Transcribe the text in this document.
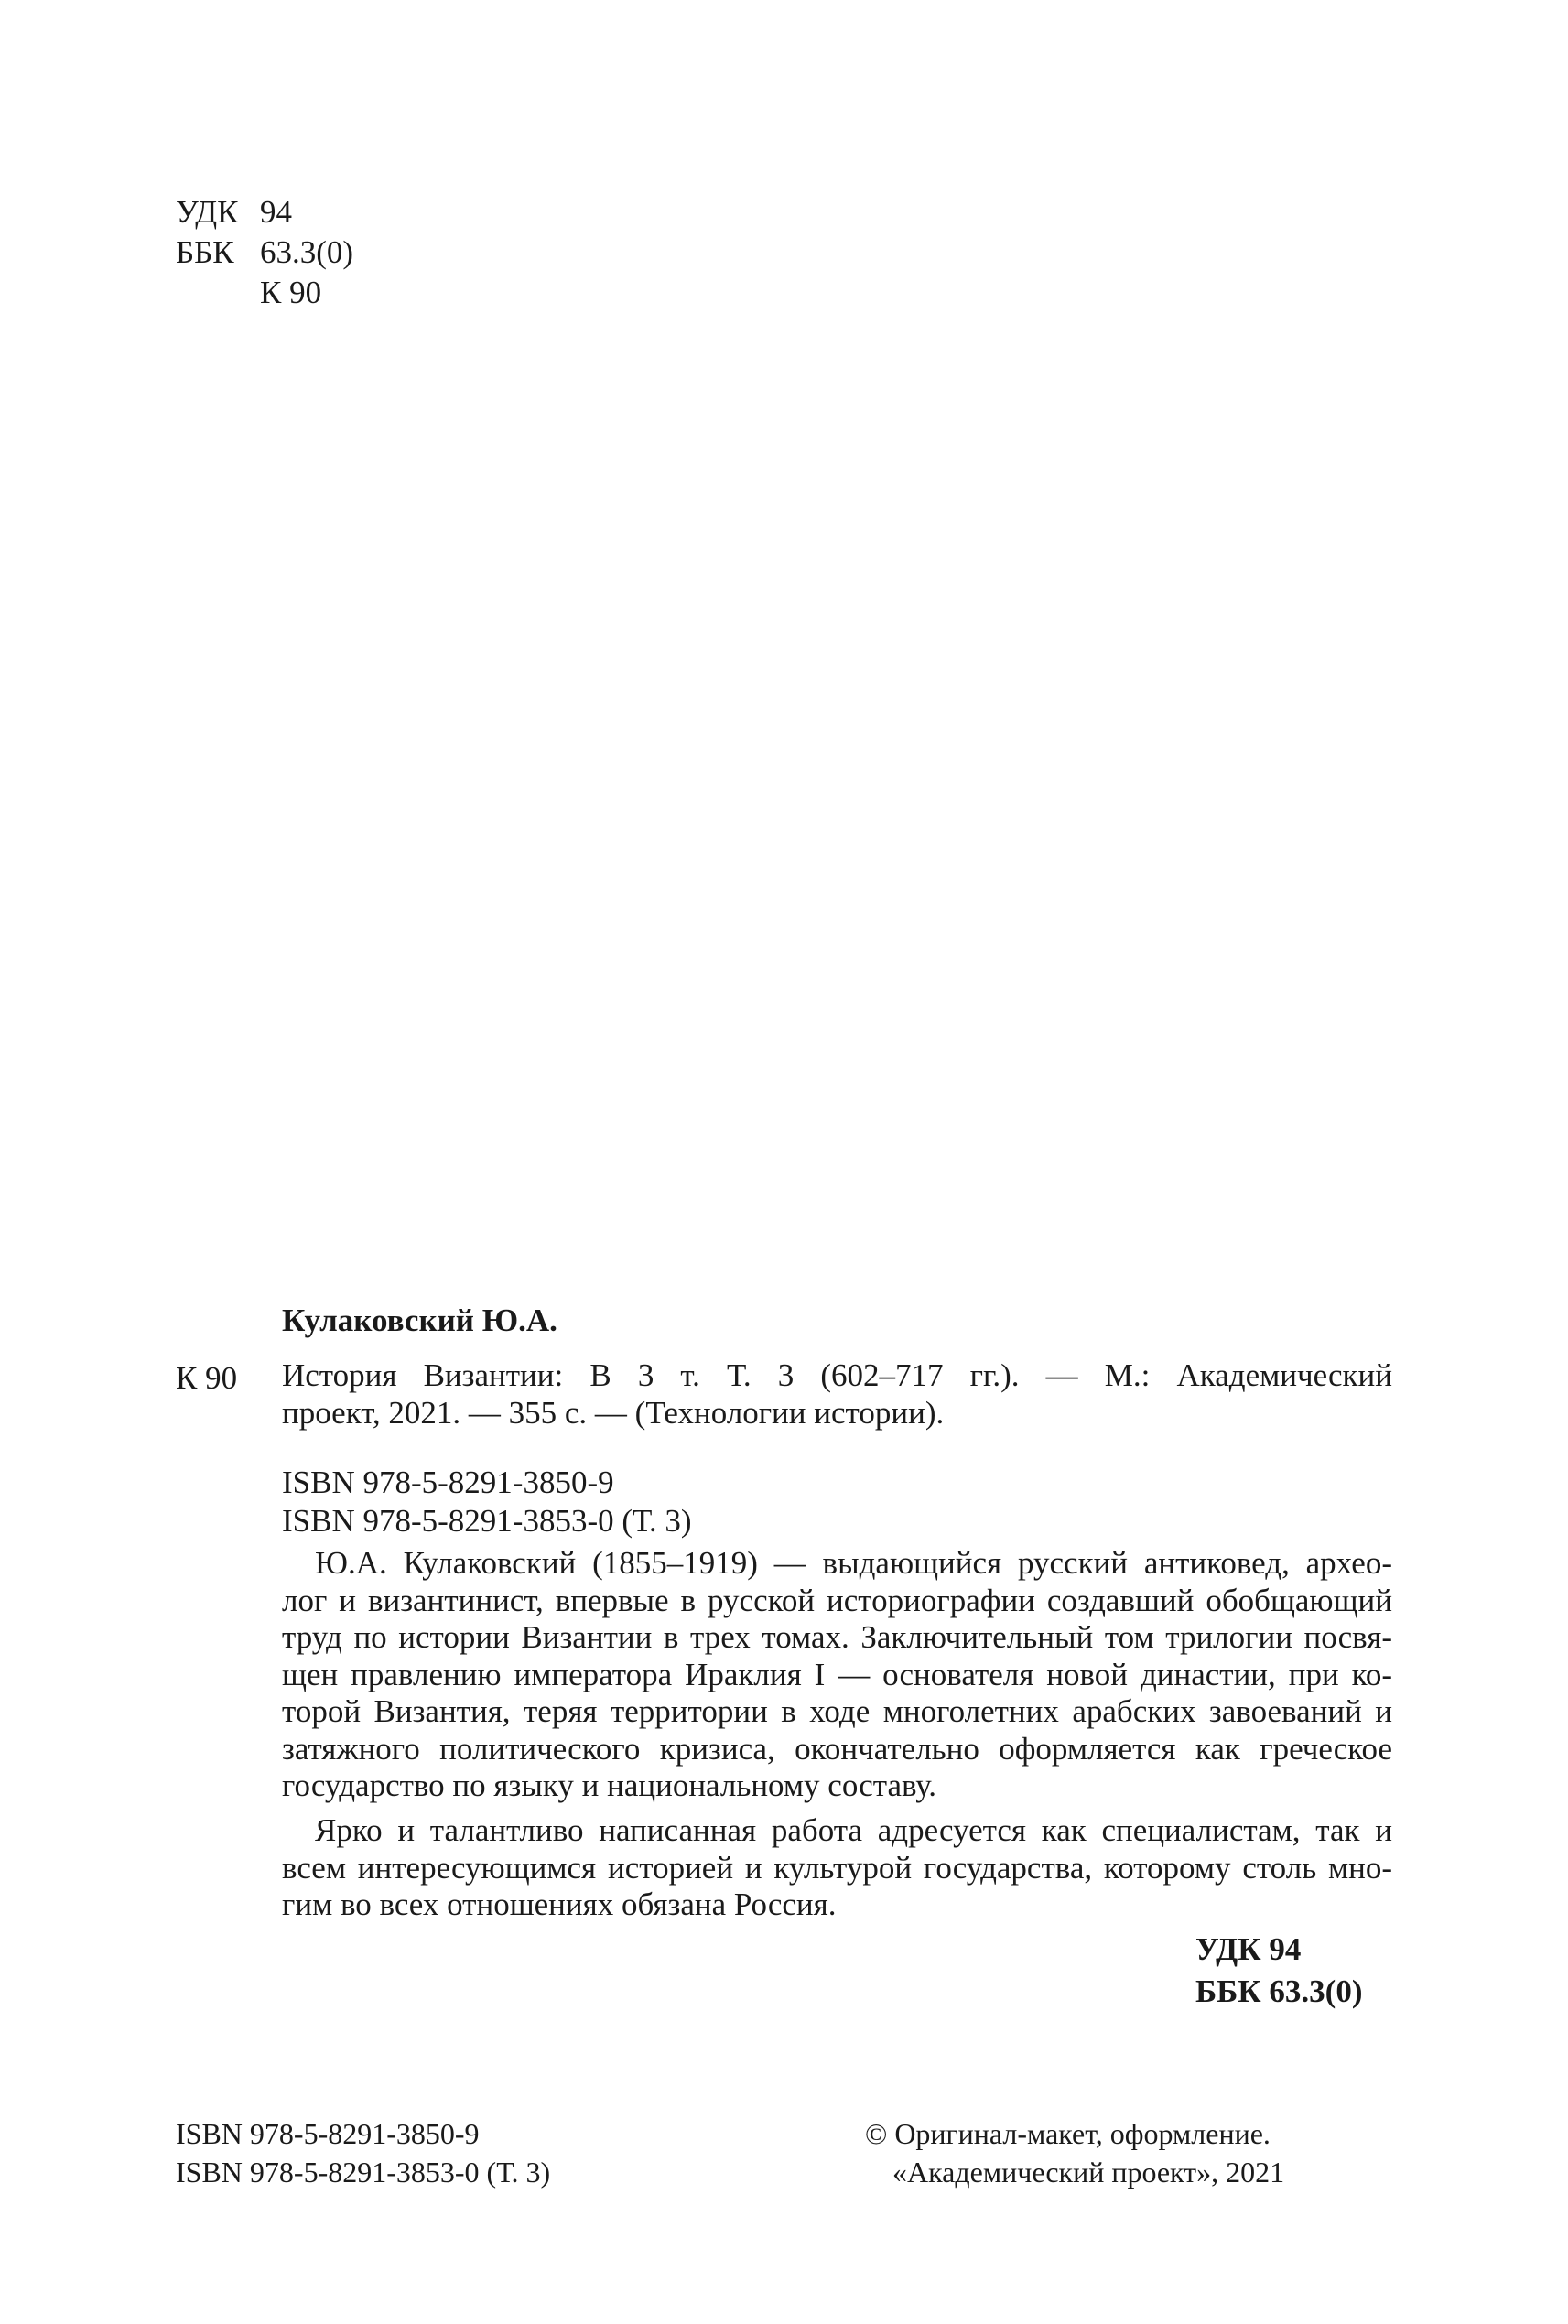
УДК 94
ББК 63.3(0)
К 90
Кулаковский Ю.А.
К 90 История Византии: В 3 т. Т. 3 (602–717 гг.). — М.: Академический
проект, 2021. — 355 с. — (Технологии истории).
ISBN 978-5-8291-3850-9
ISBN 978-5-8291-3853-0 (Т. 3)
Ю.А. Кулаковский (1855–1919) — выдающийся русский антиковед, архео-
лог и византинист, впервые в русской историографии создавший обобщающий
труд по истории Византии в трех томах. Заключительный том трилогии посвя-
щен правлению императора Ираклия I — основателя новой династии, при ко-
торой Византия, теряя территории в ходе многолетних арабских завоеваний и
затяжного политического кризиса, окончательно оформляется как греческое
государство по языку и национальному составу.
Ярко и талантливо написанная работа адресуется как специалистам, так и
всем интересующимся историей и культурой государства, которому столь мно-
гим во всех отношениях обязана Россия.
УДК 94
ББК 63.3(0)
ISBN 978-5-8291-3850-9
ISBN 978-5-8291-3853-0 (Т. 3)
© Оригинал-макет, оформление.
«Академический проект», 2021
